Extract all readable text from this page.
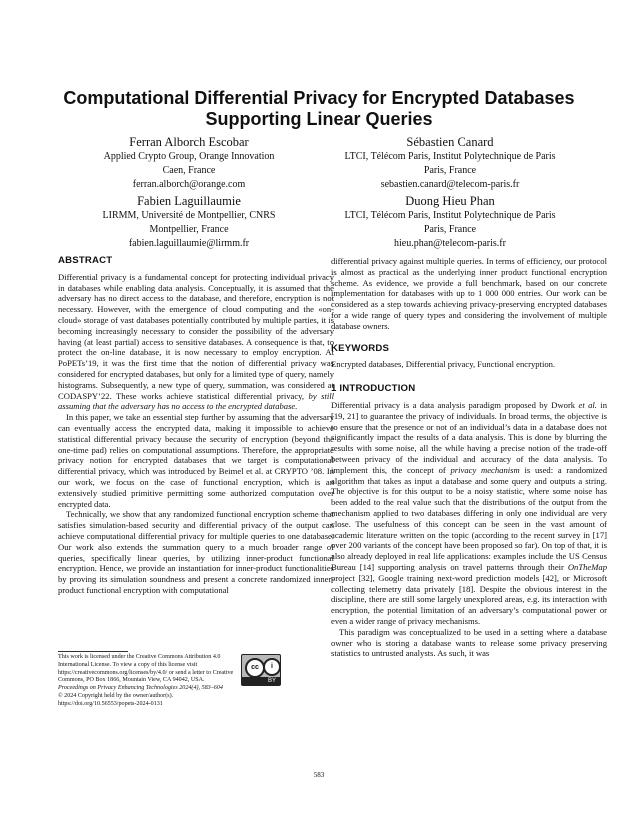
Computational Differential Privacy for Encrypted Databases
Supporting Linear Queries
Ferran Alborch Escobar
Applied Crypto Group, Orange Innovation
Caen, France
ferran.alborch@orange.com
Sébastien Canard
LTCI, Télécom Paris, Institut Polytechnique de Paris
Paris, France
sebastien.canard@telecom-paris.fr
Fabien Laguillaumie
LIRMM, Université de Montpellier, CNRS
Montpellier, France
fabien.laguillaumie@lirmm.fr
Duong Hieu Phan
LTCI, Télécom Paris, Institut Polytechnique de Paris
Paris, France
hieu.phan@telecom-paris.fr
ABSTRACT

Differential privacy is a fundamental concept for protecting individual privacy in databases while enabling data analysis. Conceptually, it is assumed that the adversary has no direct access to the database, and therefore, encryption is not necessary. However, with the emergence of cloud computing and the «on-cloud» storage of vast databases potentially contributed by multiple parties, it is becoming increasingly necessary to consider the possibility of the adversary having (at least partial) access to sensitive databases. A consequence is that, to protect the on-line database, it is now necessary to employ encryption. At PoPETs’19, it was the first time that the notion of differential privacy was considered for encrypted databases, but only for a limited type of query, namely histograms. Subsequently, a new type of query, summation, was considered at CODASPY’22. These works achieve statistical differential privacy, by still assuming that the adversary has no access to the encrypted database.

In this paper, we take an essential step further by assuming that the adversary can eventually access the encrypted data, making it impossible to achieve statistical differential privacy because the security of encryption (beyond the one-time pad) relies on computational assumptions. Therefore, the appropriate privacy notion for encrypted databases that we target is computational differential privacy, which was introduced by Beimel et al. at CRYPTO ’08. In our work, we focus on the case of functional encryption, which is an extensively studied primitive permitting some authorized computation over encrypted data.

Technically, we show that any randomized functional encryption scheme that satisfies simulation-based security and differential privacy of the output can achieve computational differential privacy for multiple queries to one database. Our work also extends the summation query to a much broader range of queries, specifically linear queries, by utilizing inner-product functional encryption. Hence, we provide an instantiation for inner-product functionalities by proving its simulation soundness and present a concrete randomized inner-product functional encryption with computational

This work is licensed under the Creative Commons Attribution 4.0 International License. To view a copy of this license visit https://creativecommons.org/licenses/by/4.0/ or send a letter to Creative Commons, PO Box 1866, Mountain View, CA 94042, USA.
Proceedings on Privacy Enhancing Technologies 2024(4), 583–604
© 2024 Copyright held by the owner/author(s).
https://doi.org/10.56553/popets-2024-0131
cc	i
BY

differential privacy against multiple queries. In terms of efficiency, our protocol is almost as practical as the underlying inner product functional encryption scheme. As evidence, we provide a full benchmark, based on our concrete implementation for databases with up to 1 000 000 entries. Our work can be considered as a step towards achieving privacy-preserving encrypted databases for a wide range of query types and considering the involvement of multiple database owners.

KEYWORDS

Encrypted databases, Differential privacy, Functional encryption.

1 INTRODUCTION

Differential privacy is a data analysis paradigm proposed by Dwork et al. in [19, 21] to guarantee the privacy of individuals. In broad terms, the objective is to ensure that the presence or not of an individual’s data in a database does not significantly impact the results of a data analysis. This is done by blurring the results with some noise, all the while having a precise notion of the trade-off between privacy of the individual and accuracy of the data analysis. To implement this, the concept of privacy mechanism is used: a randomized algorithm that takes as input a database and some query and outputs a string. The objective is for this output to be a noisy statistic, where some noise has been added to the real value such that the distributions of the output from the mechanism applied to two databases differing in only one individual are very close. The usefulness of this concept can be seen in the vast amount of academic literature written on the topic (according to the recent survey in [17] over 200 variants of the concept have been proposed so far). On top of that, it is also already deployed in real life applications: examples include the US Census Bureau [14] supporting analysis on travel patterns through their OnTheMap project [32], Google training next-word prediction models [42], or Microsoft collecting telemetry data privately [18]. Despite the obvious interest in the discipline, there are still some largely unexplored areas, e.g. its interaction with encryption, the potential limitation of an adversary’s computational power or even a wider range of privacy mechanisms.

This paradigm was conceptualized to be used in a setting where a database owner who is storing a database wants to release some privacy preserving statistics to untrusted analysts. As such, it was

583
